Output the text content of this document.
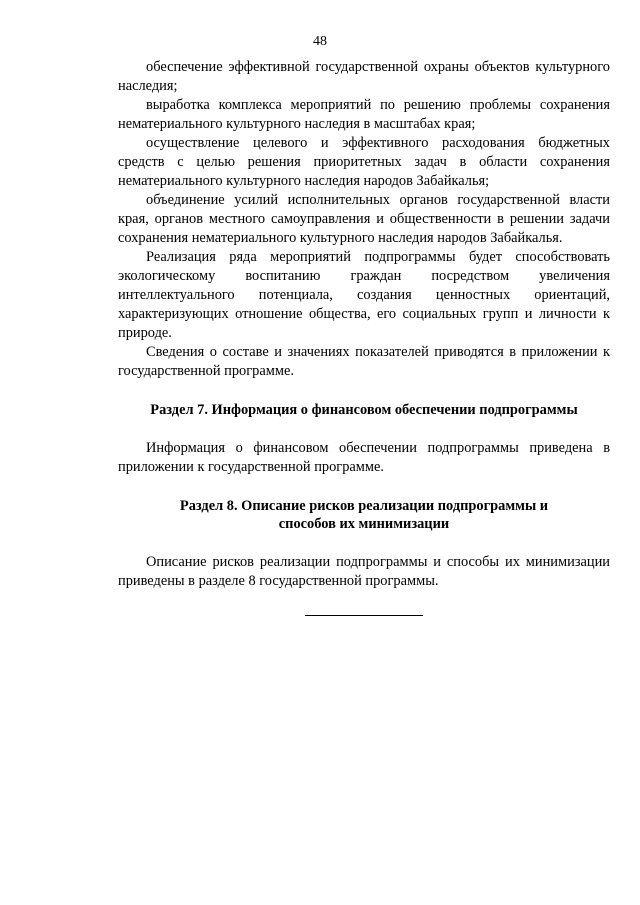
48

обеспечение эффективной государственной охраны объектов культурного наследия;

выработка комплекса мероприятий по решению проблемы сохранения нематериального культурного наследия в масштабах края;

осуществление целевого и эффективного расходования бюджетных средств с целью решения приоритетных задач в области сохранения нематериального культурного наследия народов Забайкалья;

объединение усилий исполнительных органов государственной власти края, органов местного самоуправления и общественности в решении задачи сохранения нематериального культурного наследия народов Забайкалья.

Реализация ряда мероприятий подпрограммы будет способствовать экологическому воспитанию граждан посредством увеличения интеллектуального потенциала, создания ценностных ориентаций, характеризующих отношение общества, его социальных групп и личности к природе.

Сведения о составе и значениях показателей приводятся в приложении к государственной программе.

Раздел 7. Информация о финансовом обеспечении подпрограммы

Информация о финансовом обеспечении подпрограммы приведена в приложении к государственной программе.

Раздел 8. Описание рисков реализации подпрограммы и
способов их минимизации

Описание рисков реализации подпрограммы и способы их минимизации приведены в разделе 8 государственной программы.
